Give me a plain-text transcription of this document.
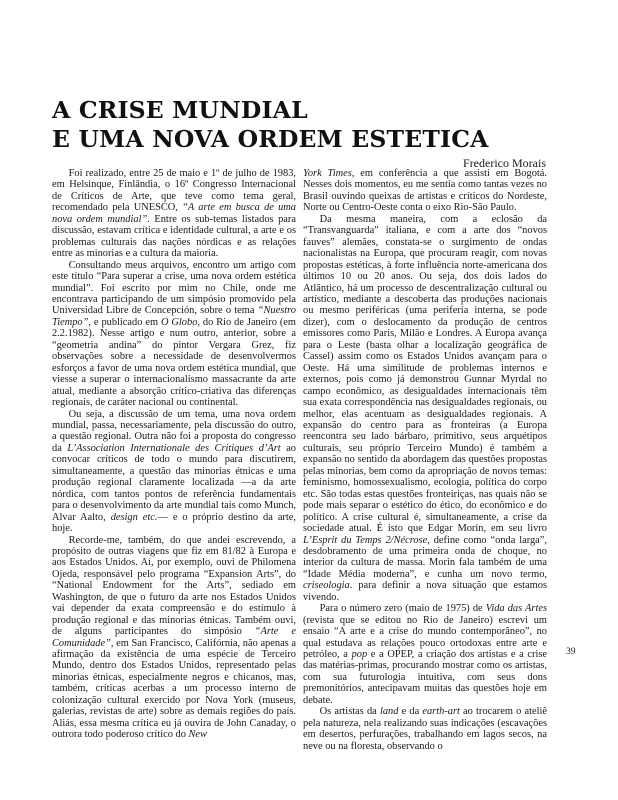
A CRISE MUNDIAL
E UMA NOVA ORDEM ESTETICA
Frederico Morais

Foi realizado, entre 25 de maio e 1º de julho de 1983, em Helsinque, Finlândia, o 16º Congresso Internacional de Críticos de Arte, que teve como tema geral, recomendado pela UNESCO, “A arte em busca de uma nova ordem mundial”. Entre os sub-temas listados para discussão, estavam crítica e identidade cultural, a arte e os problemas culturais das nações nórdicas e as relações entre as minorias e a cultura da maioria.

Consultando meus arquivos, encontro um artigo com este título “Para superar a crise, uma nova ordem estética mundial”. Foi escrito por mim no Chile, onde me encontrava participando de um simpósio promovido pela Universidad Libre de Concepción, sobre o tema “Nuestro Tiempo”, e publicado em O Globo, do Rio de Janeiro (em 2.2.1982). Nesse artigo e num outro, anterior, sobre a “geometria andina” do pintor Vergara Grez, fiz observações sobre a necessidade de desenvolvermos esforços a favor de uma nova ordem estética mundial, que viesse a superar o internacionalismo massacrante da arte atual, mediante a absorção crítico-criativa das diferenças regionais, de caráter nacional ou continental.

Ou seja, a discussão de um tema, uma nova ordem mundial, passa, necessariamente, pela discussão do outro, a questão regional. Outra não foi a proposta do congresso da L’Association Internationale des Critiques d’Art ao convocar críticos de todo o mundo para discutirem, simultaneamente, a questão das minorias étnicas e uma produção regional claramente localizada —a da arte nórdica, com tantos pontos de referência fundamentais para o desenvolvimento da arte mundial tais como Munch, Alvar Aalto, design etc.— e o próprio destino da arte, hoje.

Recorde-me, também, do que andei escrevendo, a propósito de outras viagens que fiz em 81/82 à Europa e aos Estados Unidos. Aí, por exemplo, ouvi de Philomena Ojeda, responsável pelo programa “Expansion Arts”, do “National Endowment for the Arts”, sediado em Washington, de que o futuro da arte nos Estados Unidos vai depender da exata compreensão e do estímulo à produção regional e das minorias étnicas. Também ouvi, de alguns participantes do simpósio “Arte e Comunidade”, em San Francisco, Califórnia, não apenas a afirmação da existência de uma espécie de Terceiro Mundo, dentro dos Estados Unidos, representado pelas minorias étnicas, especialmente negros e chicanos, mas, também, críticas acerbas a um processo interno de colonização cultural exercido por Nova York (museus, galerias, revistas de arte) sobre as demais regiões do país. Aliás, essa mesma crítica eu já ouvira de John Canaday, o outrora todo poderoso crítico do New

York Times, em conferência a que assisti em Bogotá. Nesses dois momentos, eu me sentia como tantas vezes no Brasil ouvindo queixas de artistas e críticos do Nordeste, Norte ou Centro-Oeste conta o eixo Rio-São Paulo.

Da mesma maneira, com a eclosão da “Transvanguarda” italiana, e com a arte dos “novos fauves” alemães, constata-se o surgimento de ondas nacionalistas na Europa, que procuram reagir, com novas propostas estéticas, à forte influência norte-americana dos últimos 10 ou 20 anos. Ou seja, dos dois lados do Atlântico, há um processo de descentralização cultural ou artístico, mediante a descoberta das produções nacionais ou mesmo periféricas (uma periferia interna, se pode dizer), com o deslocamento da produção de centros emissores como Paris, Milão e Londres. A Europa avança para o Leste (basta olhar a localização geográfica de Cassel) assim como os Estados Unidos avançam para o Oeste. Há uma similitude de problemas internos e externos, pois como já demonstrou Gunnar Myrdal no campo econômico, as desigualdades internacionais têm sua exata correspondência nas desigualdades regionais, ou melhor, elas acentuam as desigualdades regionais. A expansão do centro para as fronteiras (a Europa reencontra seu lado bárbaro, primitivo, seus arquétipos culturais, seu próprio Terceiro Mundo) é também a expansão no sentido da abordagem das questões propostas pelas minorias, bem como da apropriação de novos temas: feminismo, homossexualismo, ecologia, política do corpo etc. São todas estas questões fronteiriças, nas quais não se pode mais separar o estético do ético, do econômico e do político. A crise cultural é, simultaneamente, a crise da sociedade atual. É isto que Edgar Morin, em seu livro L’Esprit du Temps 2/Nécrose, define como “onda larga”, desdobramento de uma primeira onda de choque, no interior da cultura de massa. Morin fala também de uma “Idade Média moderna”, e cunha um novo termo, criseologia. para definir a nova situação que estamos vivendo.

Para o número zero (maio de 1975) de Vida das Artes (revista que se editou no Rio de Janeiro) escrevi um ensaio “A arte e a crise do mundo contemporâneo”, no qual estudava as relações pouco ortodoxas entre arte e petróleo, a pop e a OPEP, a criação dos artistas e a crise das matérias-primas, procurando mostrar como os artistas, com sua futurologia intuitiva, com seus dons premonitórios, antecipavam muitas das questões hoje em debate.

Os artistas da land e da earth-art ao trocarem o ateliê pela natureza, nela realizando suas indicações (escavações em desertos, perfurações, trabalhando em lagos secos, na neve ou na floresta, observando o

39
